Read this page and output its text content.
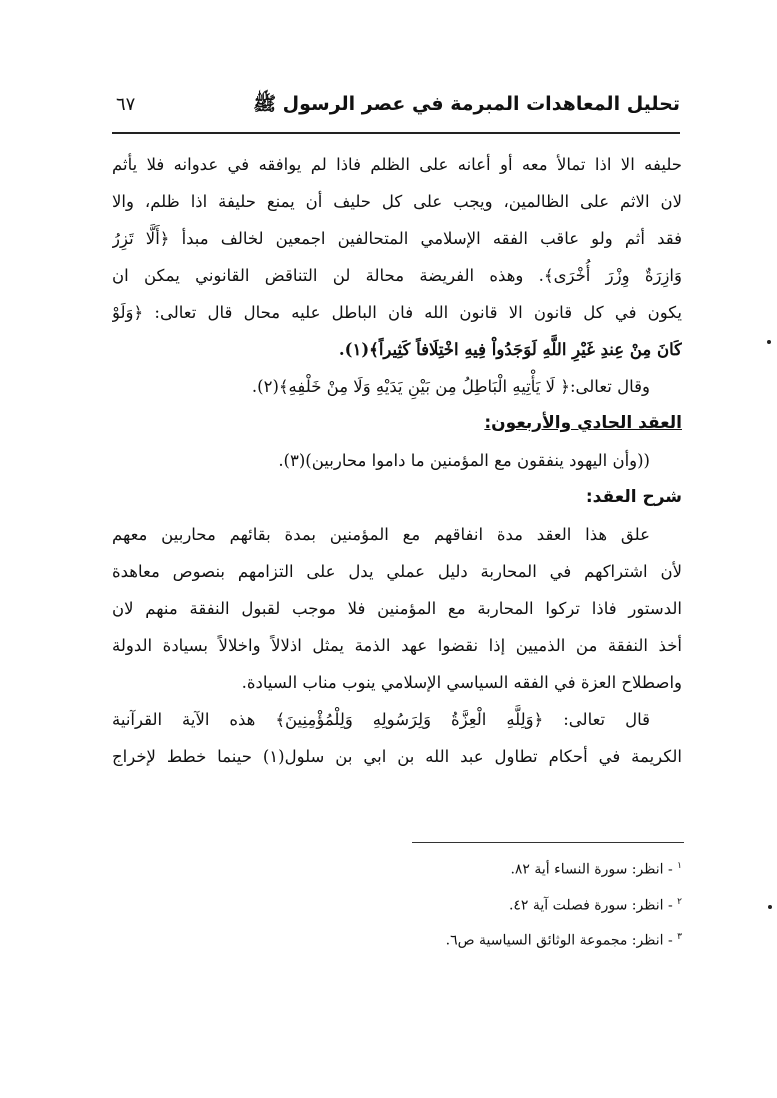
تحليل المعاهدات المبرمة في عصر الرسول ﷺ
٦٧
حليفه الا اذا تمالأ معه أو أعانه على الظلم فاذا لم يوافقه في عدوانه فلا يأثم
لان الاثم على الظالمين، ويجب على كل حليف أن يمنع حليفة اذا ظلم، والا
فقد أثم ولو عاقب الفقه الإسلامي المتحالفين اجمعين لخالف مبدأ ﴿أَلَّا تَزِرُ
وَازِرَةٌ وِزْرَ أُخْرَى﴾. وهذه الفريضة محالة لن التناقض القانوني يمكن ان
يكون في كل قانون الا قانون الله فان الباطل عليه محال قال تعالى: ﴿وَلَوْ
كَانَ مِنْ عِندِ غَيْرِ اللَّهِ لَوَجَدُواْ فِيهِ اخْتِلَافاً كَثِيراً﴾(١).
وقال تعالى:﴿ لَا يَأْتِيهِ الْبَاطِلُ مِن بَيْنِ يَدَيْهِ وَلَا مِنْ خَلْفِهِ﴾(٢).
العقد الحادي والأربعون:
((وأن اليهود ينفقون مع المؤمنين ما داموا محاربين)(٣).
شرح العقد:
علق هذا العقد مدة انفاقهم مع المؤمنين بمدة بقائهم محاربين معهم
لأن اشتراكهم في المحاربة دليل عملي يدل على التزامهم بنصوص معاهدة
الدستور فاذا تركوا المحاربة مع المؤمنين فلا موجب لقبول النفقة منهم لان
أخذ النفقة من الذميين إذا نقضوا عهد الذمة يمثل اذلالاً واخلالاً بسيادة الدولة
واصطلاح العزة في الفقه السياسي الإسلامي ينوب مناب السيادة.
قال تعالى: ﴿وَلِلَّهِ الْعِزَّةُ وَلِرَسُولِهِ وَلِلْمُؤْمِنِينَ﴾ هذه الآية القرآنية
الكريمة في أحكام تطاول عبد الله بن ابي بن سلول(١) حينما خطط لإخراج
$^١$ - انظر: سورة النساء أية ٨٢.
$^٢$ - انظر: سورة فصلت آية ٤٢.
$^٣$ - انظر: مجموعة الوثائق السياسية ص٦.
